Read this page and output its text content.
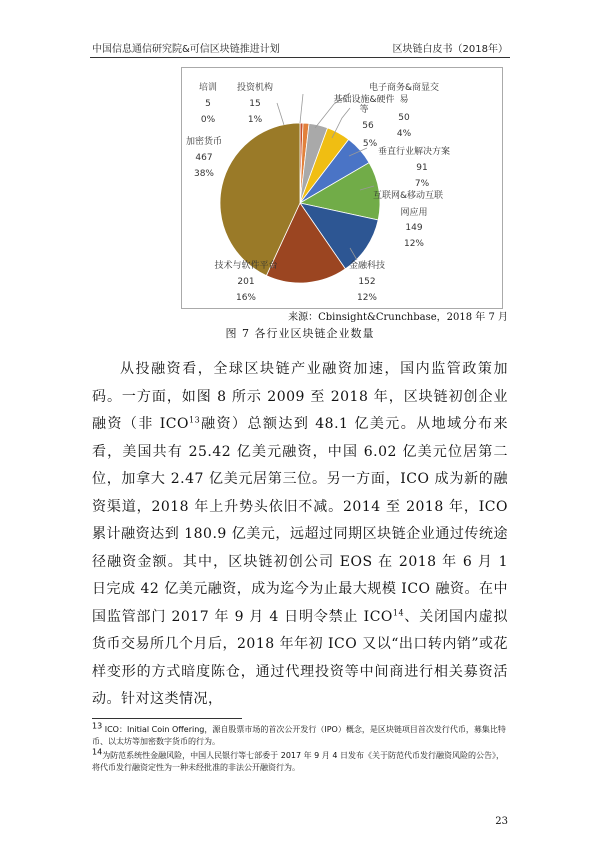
中国信息通信研究院&可信区块链推进计划	区块链白皮书（2018年）
培训
5
0%
投资机构
15
1%
电子商务&商显交
易
50
4%
基础设施&硬件
等
56
5%
垂直行业解决方案
91
7%
互联网&移动互联
网应用
149
12%
金融科技
152
12%
技术与软件平台
201
16%
加密货币
467
38%
来源：Cbinsight&Crunchbase，2018 年 7 月
图 7 各行业区块链企业数量

从投融资看，全球区块链产业融资加速，国内监管政策加码。一方面，如图 8 所示 2009 至 2018 年，区块链初创企业融资（非 ICO$^{13}$融资）总额达到 48.1 亿美元。从地域分布来看，美国共有 25.42 亿美元融资，中国 6.02 亿美元位居第二位，加拿大 2.47 亿美元居第三位。另一方面，ICO 成为新的融资渠道，2018 年上升势头依旧不减。2014 至 2018 年，ICO 累计融资达到 180.9 亿美元，远超过同期区块链企业通过传统途径融资金额。其中，区块链初创公司 EOS 在 2018 年 6 月 1 日完成 42 亿美元融资，成为迄今为止最大规模 ICO 融资。在中国监管部门 2017 年 9 月 4 日明令禁止 ICO$^{14}$、关闭国内虚拟货币交易所几个月后，2018 年年初 ICO 又以“出口转内销”或花样变形的方式暗度陈仓，通过代理投资等中间商进行相关募资活动。针对这类情况，

$^{13}$ ICO：Initial Coin Offering，源自股票市场的首次公开发行（IPO）概念，是区块链项目首次发行代币，募集比特币、以太坊等加密数字货币的行为。

$^{14}$为防范系统性金融风险，中国人民银行等七部委于 2017 年 9 月 4 日发布《关于防范代币发行融资风险的公告》，将代币发行融资定性为一种未经批准的非法公开融资行为。

23
